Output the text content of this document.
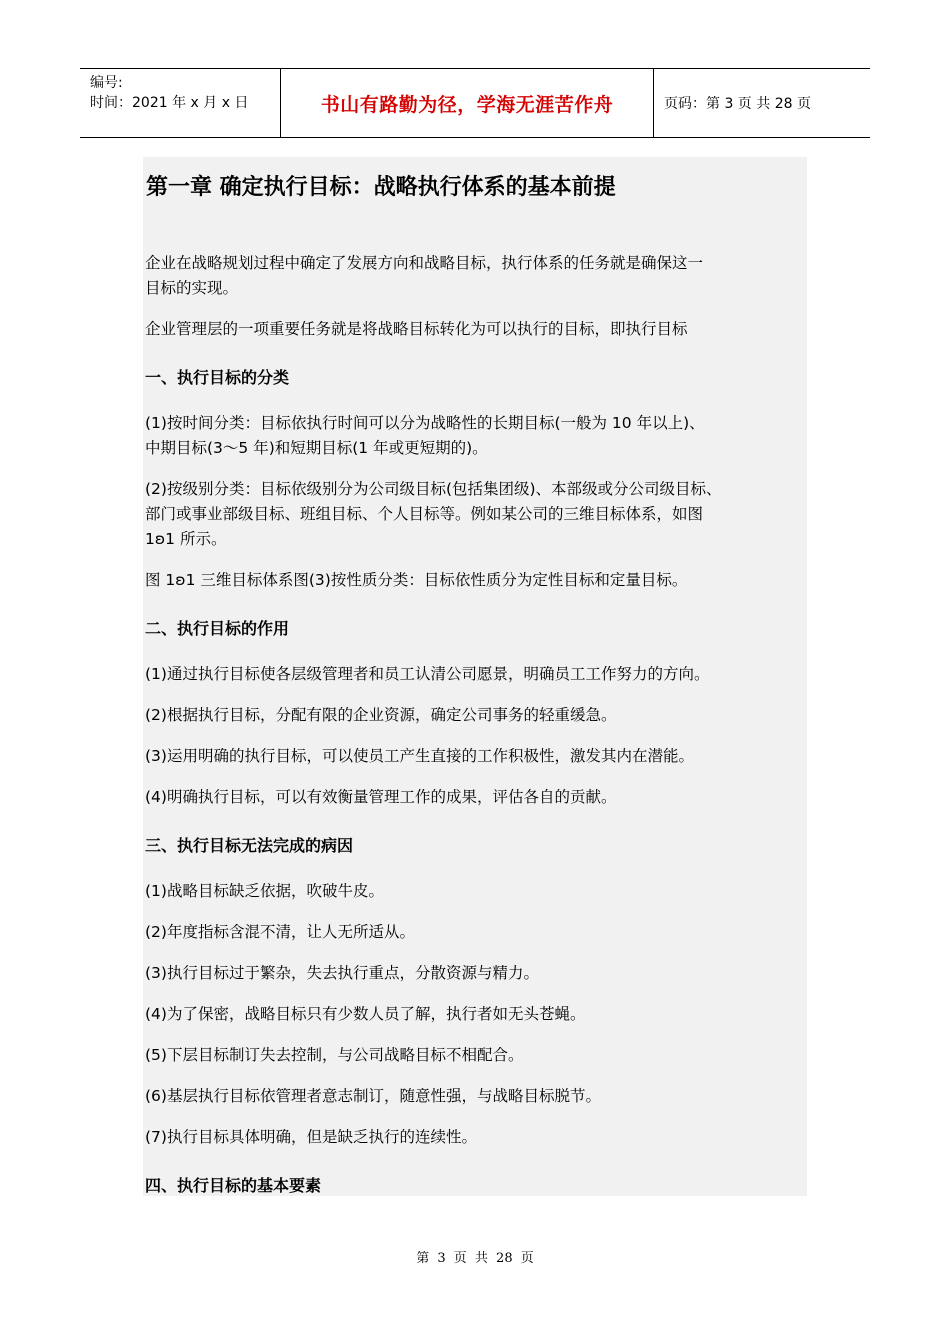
编号:
时间：2021 年 x 月 x 日	书山有路勤为径，学海无涯苦作舟	页码：第 3 页 共 28 页
第一章 确定执行目标：战略执行体系的基本前提
企业在战略规划过程中确定了发展方向和战略目标，执行体系的任务就是确保这一
目标的实现。
企业管理层的一项重要任务就是将战略目标转化为可以执行的目标，即执行目标
一、执行目标的分类
(1)按时间分类：目标依执行时间可以分为战略性的长期目标(一般为 10 年以上)、
中期目标(3～5 年)和短期目标(1 年或更短期的)。
(2)按级别分类：目标依级别分为公司级目标(包括集团级)、本部级或分公司级目标、
部门或事业部级目标、班组目标、个人目标等。例如某公司的三维目标体系，如图
1ʚ1 所示。
图 1ʚ1 三维目标体系图(3)按性质分类：目标依性质分为定性目标和定量目标。
二、执行目标的作用
(1)通过执行目标使各层级管理者和员工认清公司愿景，明确员工工作努力的方向。
(2)根据执行目标，分配有限的企业资源，确定公司事务的轻重缓急。
(3)运用明确的执行目标，可以使员工产生直接的工作积极性，激发其内在潜能。
(4)明确执行目标，可以有效衡量管理工作的成果，评估各自的贡献。
三、执行目标无法完成的病因
(1)战略目标缺乏依据，吹破牛皮。
(2)年度指标含混不清，让人无所适从。
(3)执行目标过于繁杂，失去执行重点，分散资源与精力。
(4)为了保密，战略目标只有少数人员了解，执行者如无头苍蝇。
(5)下层目标制订失去控制，与公司战略目标不相配合。
(6)基层执行目标依管理者意志制订，随意性强，与战略目标脱节。
(7)执行目标具体明确，但是缺乏执行的连续性。
四、执行目标的基本要素
第 3 页 共 28 页
